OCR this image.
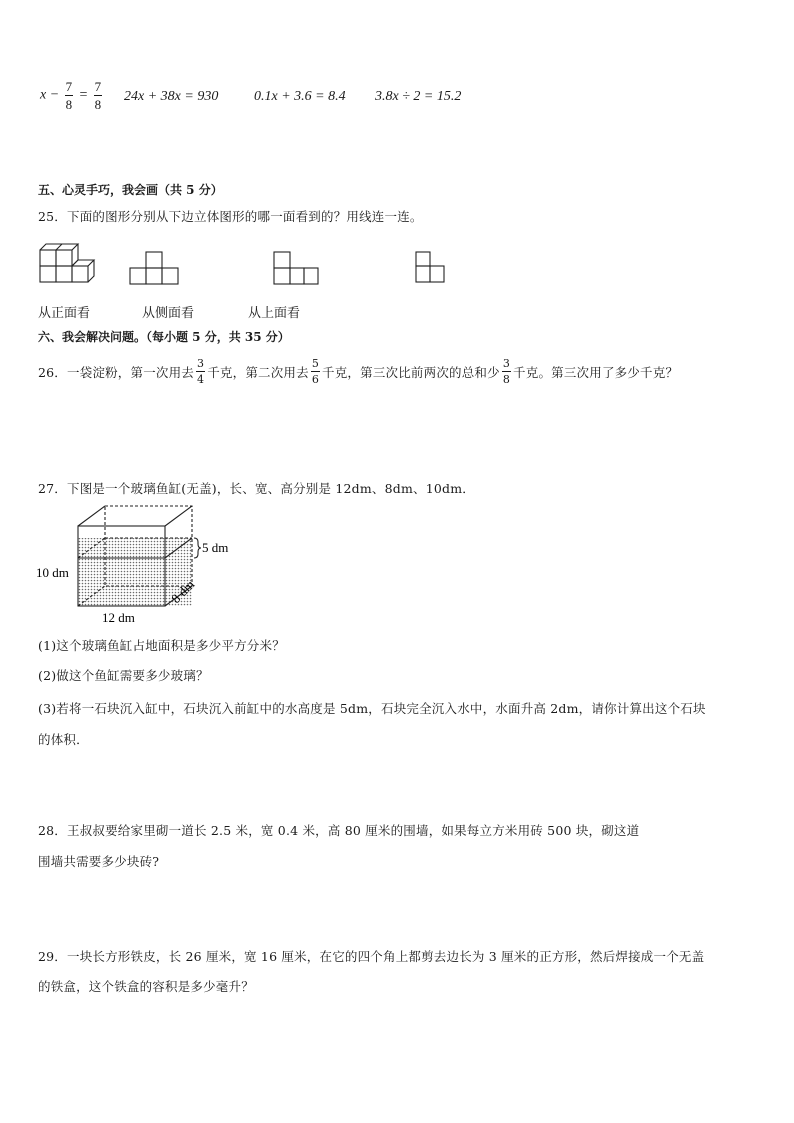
$x - \frac{7}{8} = \frac{7}{8} 24x + 38x = 930$	0.1x + 3.6 = 8.4 3.8x ÷ 2 = 15.2
五、心灵手巧，我会画（共 5 分）
25．下面的图形分别从下边立体图形的哪一面看到的？用线连一连。
从正面看	从侧面看	从上面看
六、我会解决问题。（每小题 5 分，共 35 分）
26．一袋淀粉，第一次用去 $\frac{3}{4}$ 千克，第二次用去 $\frac{5}{6}$ 千克，第三次比前两次的总和少 $\frac{3}{8}$ 千克。第三次用了多少千克？
27．下图是一个玻璃鱼缸(无盖)，长、宽、高分别是 12dm、8dm、10dm．
5 dm
10 dm
8 dm
12 dm
(1)这个玻璃鱼缸占地面积是多少平方分米？
(2)做这个鱼缸需要多少玻璃？
(3)若将一石块沉入缸中，石块沉入前缸中的水高度是 5dm，石块完全沉入水中，水面升高 2dm，请你计算出这个石块
的体积．
28．王叔叔要给家里砌一道长 2.5 米，宽 0.4 米，高 80 厘米的围墙，如果每立方米用砖 500 块，砌这道
围墙共需要多少块砖?
29．一块长方形铁皮，长 26 厘米，宽 16 厘米，在它的四个角上都剪去边长为 3 厘米的正方形，然后焊接成一个无盖
的铁盒，这个铁盒的容积是多少毫升？
